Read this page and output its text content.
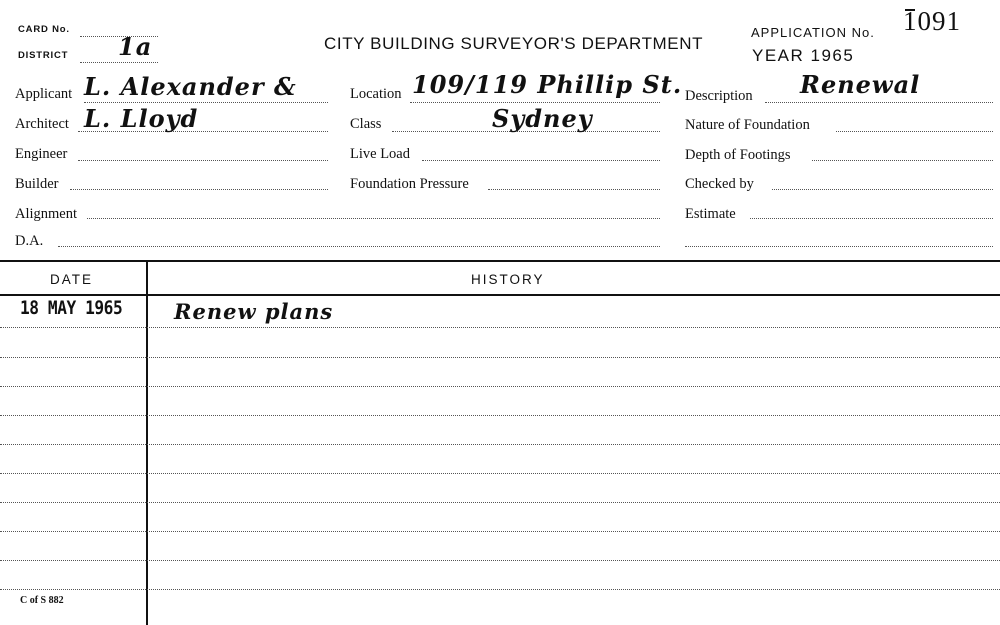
CARD No.
DISTRICT 1a	CITY BUILDING SURVEYOR'S DEPARTMENT
APPLICATION No. 1091
YEAR 1965
Applicant L. Alexander &
Architect L. Lloyd
Engineer
Builder
Alignment
D.A.
Location 109/119 Phillip St.
Class	Sydney
Live Load
Foundation Pressure
Description Renewal
Nature of Foundation
Depth of Footings
Checked by
Estimate
DATE	HISTORY
18 MAY 1965 Renew plans
C of S 882
